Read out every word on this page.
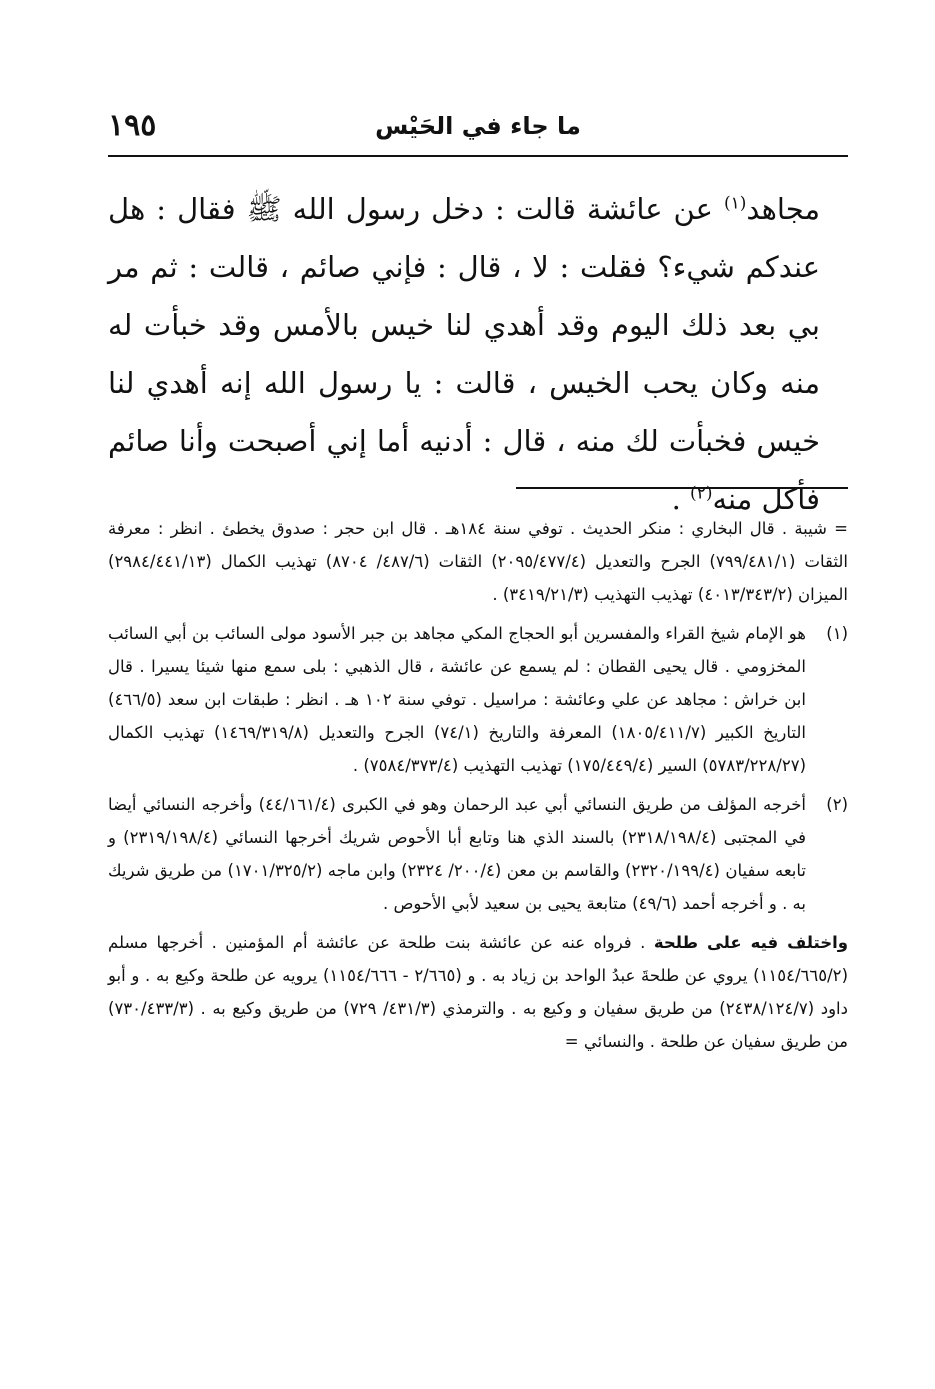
١٩٥	ما جاء في الحَيْس
مجاهد$^{(١)}$ عن عائشة قالت : دخل رسول الله ﷺ فقال : هل عندكم شيء؟ فقلت : لا ، قال : فإني صائم ، قالت : ثم مر بي بعد ذلك اليوم وقد أهدي لنا خيس بالأمس وقد خبأت له منه وكان يحب الخيس ، قالت : يا رسول الله إنه أهدي لنا خيس فخبأت لك منه ، قال : أدنيه أما إني أصبحت وأنا صائم فأكل منه$^{(٢)}$ .

= شيبة . قال البخاري : منكر الحديث . توفي سنة ١٨٤هـ . قال ابن حجر : صدوق يخطئ . انظر : معرفة الثقات (٧٩٩/٤٨١/١) الجرح والتعديل (٢٠٩٥/٤٧٧/٤) الثقات (٤٨٧/٦/ ٨٧٠٤) تهذيب الكمال (٢٩٨٤/٤٤١/١٣) الميزان (٤٠١٣/٣٤٣/٢) تهذيب التهذيب (٣٤١٩/٢١/٣) .

(١)
هو الإمام شيخ القراء والمفسرين أبو الحجاج المكي مجاهد بن جبر الأسود مولى السائب بن أبي السائب المخزومي . قال يحيى القطان : لم يسمع عن عائشة ، قال الذهبي : بلى سمع منها شيئا يسيرا . قال ابن خراش : مجاهد عن علي وعائشة : مراسيل . توفي سنة ١٠٢ هـ . انظر : طبقات ابن سعد (٤٦٦/٥) التاريخ الكبير (١٨٠٥/٤١١/٧) المعرفة والتاريخ (٧٤/١) الجرح والتعديل (١٤٦٩/٣١٩/٨) تهذيب الكمال (٥٧٨٣/٢٢٨/٢٧) السير (١٧٥/٤٤٩/٤) تهذيب التهذيب (٧٥٨٤/٣٧٣/٤) .

(٢)
أخرجه المؤلف من طريق النسائي أبي عبد الرحمان وهو في الكبرى (٤٤/١٦١/٤) وأخرجه النسائي أيضا في المجتبى (٢٣١٨/١٩٨/٤) بالسند الذي هنا وتابع أبا الأحوص شريك أخرجها النسائي (٢٣١٩/١٩٨/٤) و تابعه سفيان (٢٣٢٠/١٩٩/٤) والقاسم بن معن (٢٠٠/٤/ ٢٣٢٤) وابن ماجه (١٧٠١/٣٢٥/٢) من طريق شريك به . و أخرجه أحمد (٤٩/٦) متابعة يحيى بن سعيد لأبي الأحوص .

واختلف فيه على طلحة . فرواه عنه عن عائشة بنت طلحة عن عائشة أم المؤمنين . أخرجها مسلم (١١٥٤/٦٦٥/٢) يروي عن طلحةَ عبدُ الواحد بن زياد به . و (٢/٦٦٥ - ١١٥٤/٦٦٦) يرويه عن طلحة وكيع به . و أبو داود (٢٤٣٨/١٢٤/٧) من طريق سفيان و وكيع به . والترمذي (٤٣١/٣/ ٧٢٩) من طريق وكيع به . (٧٣٠/٤٣٣/٣) من طريق سفيان عن طلحة . والنسائي =
